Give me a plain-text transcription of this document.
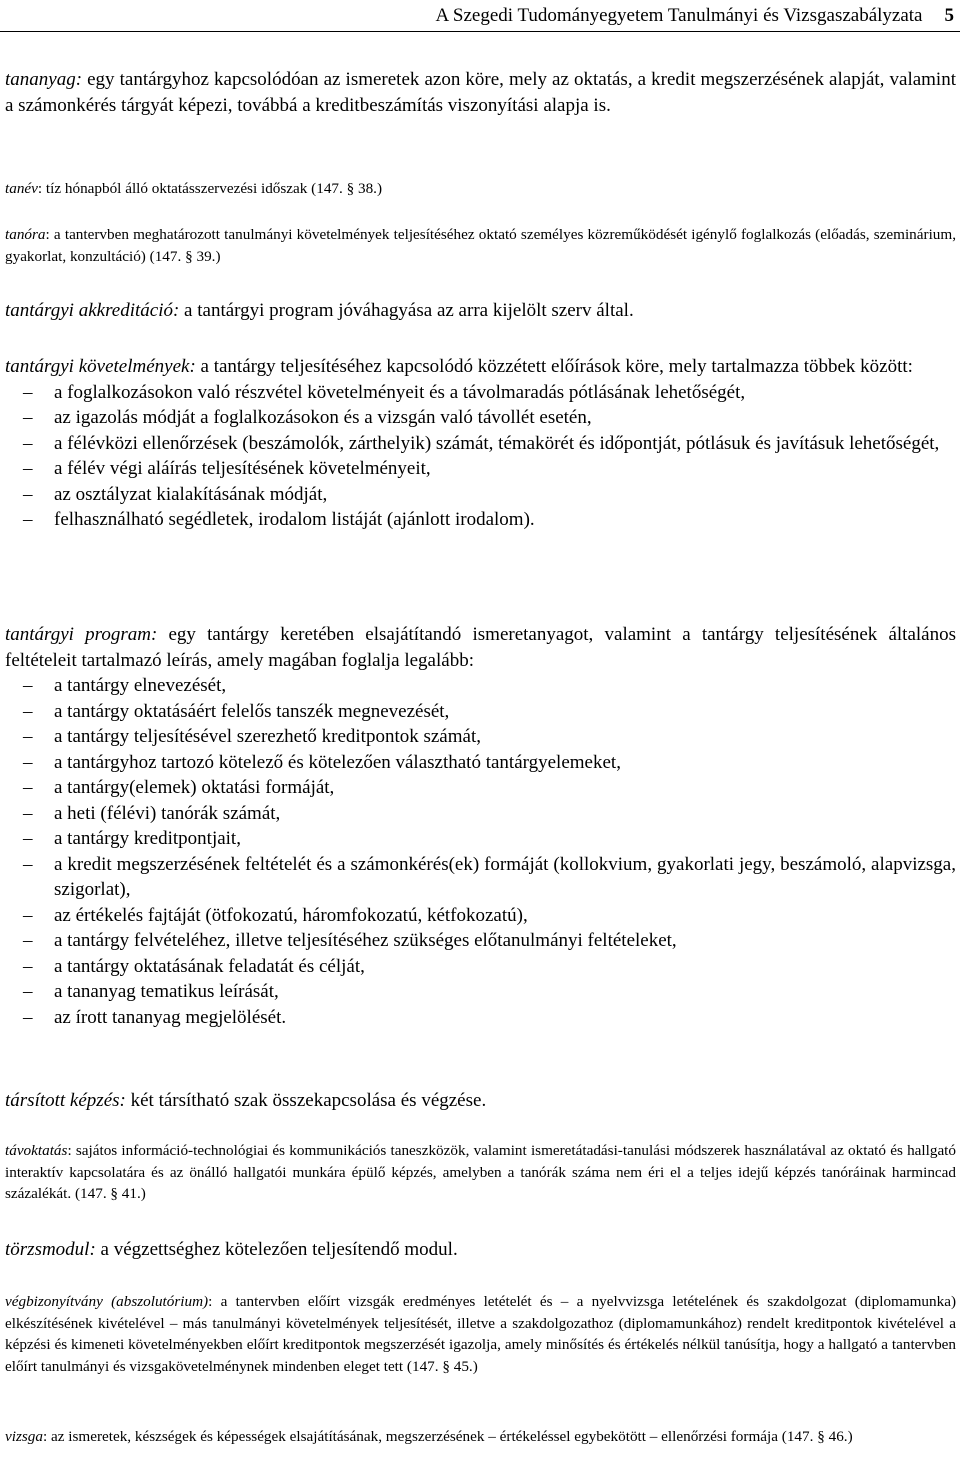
A Szegedi Tudományegyetem Tanulmányi és Vizsgaszabályzata 5

tananyag: egy tantárgyhoz kapcsolódóan az ismeretek azon köre, mely az oktatás, a kredit megszerzésének alapját, valamint a számonkérés tárgyát képezi, továbbá a kreditbeszámítás viszonyítási alapja is.

tanév: tíz hónapból álló oktatásszervezési időszak (147. § 38.)

tanóra: a tantervben meghatározott tanulmányi követelmények teljesítéséhez oktató személyes közreműködését igénylő foglalkozás (előadás, szeminárium, gyakorlat, konzultáció) (147. § 39.)

tantárgyi akkreditáció: a tantárgyi program jóváhagyása az arra kijelölt szerv által.

tantárgyi követelmények: a tantárgy teljesítéséhez kapcsolódó közzétett előírások köre, mely tartalmazza többek között:
– a foglalkozásokon való részvétel követelményeit és a távolmaradás pótlásának lehetőségét,
– az igazolás módját a foglalkozásokon és a vizsgán való távollét esetén,
– a félévközi ellenőrzések (beszámolók, zárthelyik) számát, témakörét és időpontját, pótlásuk és javításuk lehetőségét,
– a félév végi aláírás teljesítésének követelményeit,
– az osztályzat kialakításának módját,
– felhasználható segédletek, irodalom listáját (ajánlott irodalom).
tantárgyi program: egy tantárgy keretében elsajátítandó ismeretanyagot, valamint a tantárgy teljesítésének általános feltételeit tartalmazó leírás, amely magában foglalja legalább:
– a tantárgy elnevezését,
– a tantárgy oktatásáért felelős tanszék megnevezését,
– a tantárgy teljesítésével szerezhető kreditpontok számát,
– a tantárgyhoz tartozó kötelező és kötelezően választható tantárgyelemeket,
– a tantárgy(elemek) oktatási formáját,
– a heti (félévi) tanórák számát,
– a tantárgy kreditpontjait,
– a kredit megszerzésének feltételét és a számonkérés(ek) formáját (kollokvium, gyakorlati jegy, beszámoló, alapvizsga, szigorlat),
– az értékelés fajtáját (ötfokozatú, háromfokozatú, kétfokozatú),
– a tantárgy felvételéhez, illetve teljesítéséhez szükséges előtanulmányi feltételeket,
– a tantárgy oktatásának feladatát és célját,
– a tananyag tematikus leírását,
– az írott tananyag megjelölését.

társított képzés: két társítható szak összekapcsolása és végzése.

távoktatás: sajátos információ-technológiai és kommunikációs taneszközök, valamint ismeretátadási-tanulási módszerek használatával az oktató és hallgató interaktív kapcsolatára és az önálló hallgatói munkára épülő képzés, amelyben a tanórák száma nem éri el a teljes idejű képzés tanóráinak harmincad százalékát. (147. § 41.)

törzsmodul: a végzettséghez kötelezően teljesítendő modul.

végbizonyítvány (abszolutórium): a tantervben előírt vizsgák eredményes letételét és – a nyelvvizsga letételének és szakdolgozat (diplomamunka) elkészítésének kivételével – más tanulmányi követelmények teljesítését, illetve a szakdolgozathoz (diplomamunkához) rendelt kreditpontok kivételével a képzési és kimeneti követelményekben előírt kreditpontok megszerzését igazolja, amely minősítés és értékelés nélkül tanúsítja, hogy a hallgató a tantervben előírt tanulmányi és vizsgakövetelménynek mindenben eleget tett (147. § 45.)

vizsga: az ismeretek, készségek és képességek elsajátításának, megszerzésének – értékeléssel egybekötött – ellenőrzési formája (147. § 46.)
